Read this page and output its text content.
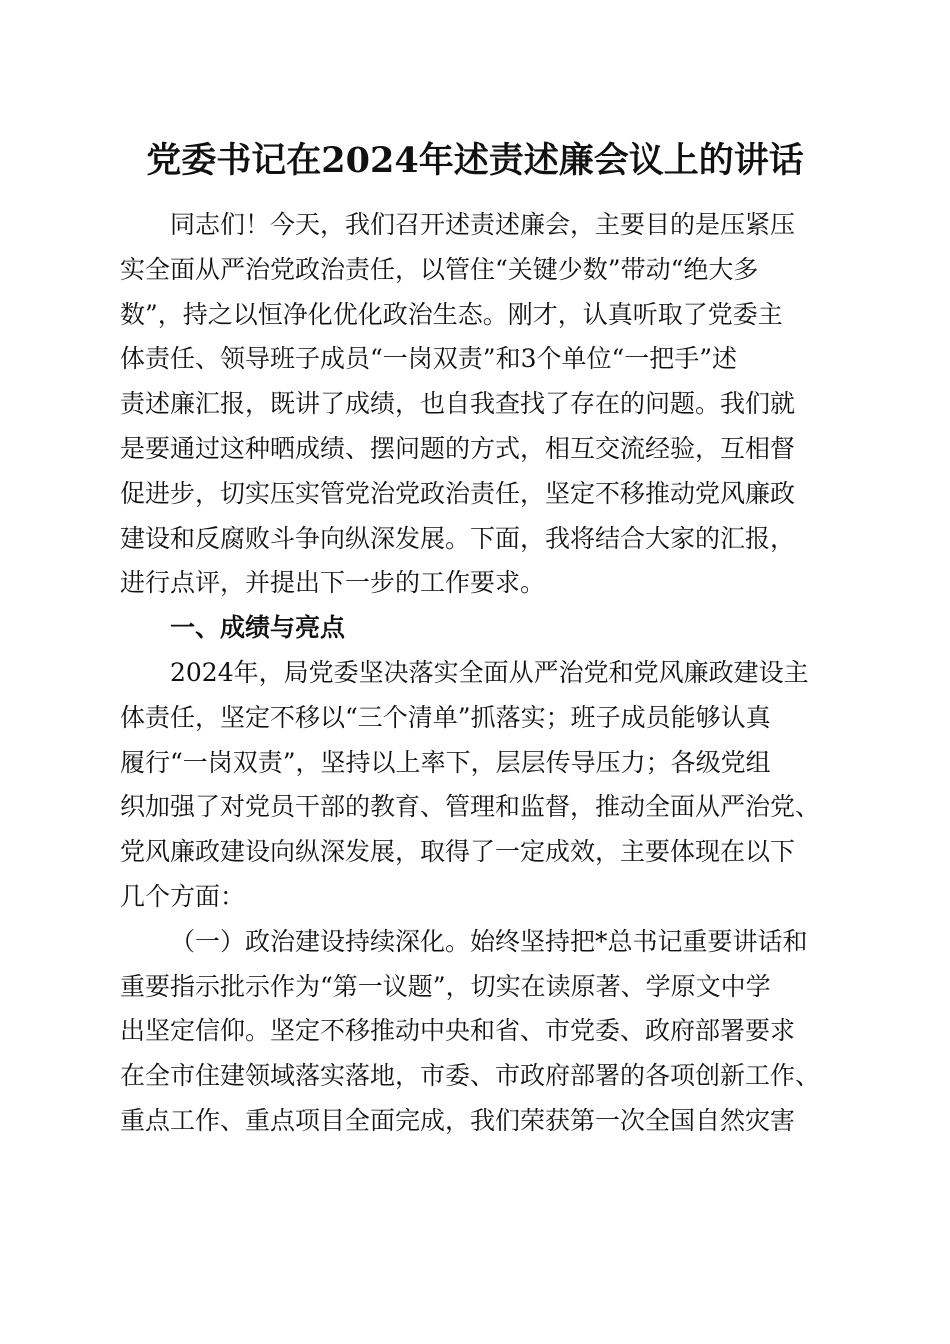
党委书记在2024年述责述廉会议上的讲话
同志们！今天，我们召开述责述廉会，主要目的是压紧压
实全面从严治党政治责任，以管住“关键少数”带动“绝大多
数”，持之以恒净化优化政治生态。刚才，认真听取了党委主
体责任、领导班子成员“一岗双责”和3个单位“一把手”述
责述廉汇报，既讲了成绩，也自我查找了存在的问题。我们就
是要通过这种晒成绩、摆问题的方式，相互交流经验，互相督
促进步，切实压实管党治党政治责任，坚定不移推动党风廉政
建设和反腐败斗争向纵深发展。下面，我将结合大家的汇报，
进行点评，并提出下一步的工作要求。
一、成绩与亮点
2024年，局党委坚决落实全面从严治党和党风廉政建设主
体责任，坚定不移以“三个清单”抓落实；班子成员能够认真
履行“一岗双责”，坚持以上率下，层层传导压力；各级党组
织加强了对党员干部的教育、管理和监督，推动全面从严治党、
党风廉政建设向纵深发展，取得了一定成效，主要体现在以下
几个方面：
（一）政治建设持续深化。始终坚持把*总书记重要讲话和
重要指示批示作为“第一议题”，切实在读原著、学原文中学
出坚定信仰。坚定不移推动中央和省、市党委、政府部署要求
在全市住建领域落实落地，市委、市政府部署的各项创新工作、
重点工作、重点项目全面完成，我们荣获第一次全国自然灾害
